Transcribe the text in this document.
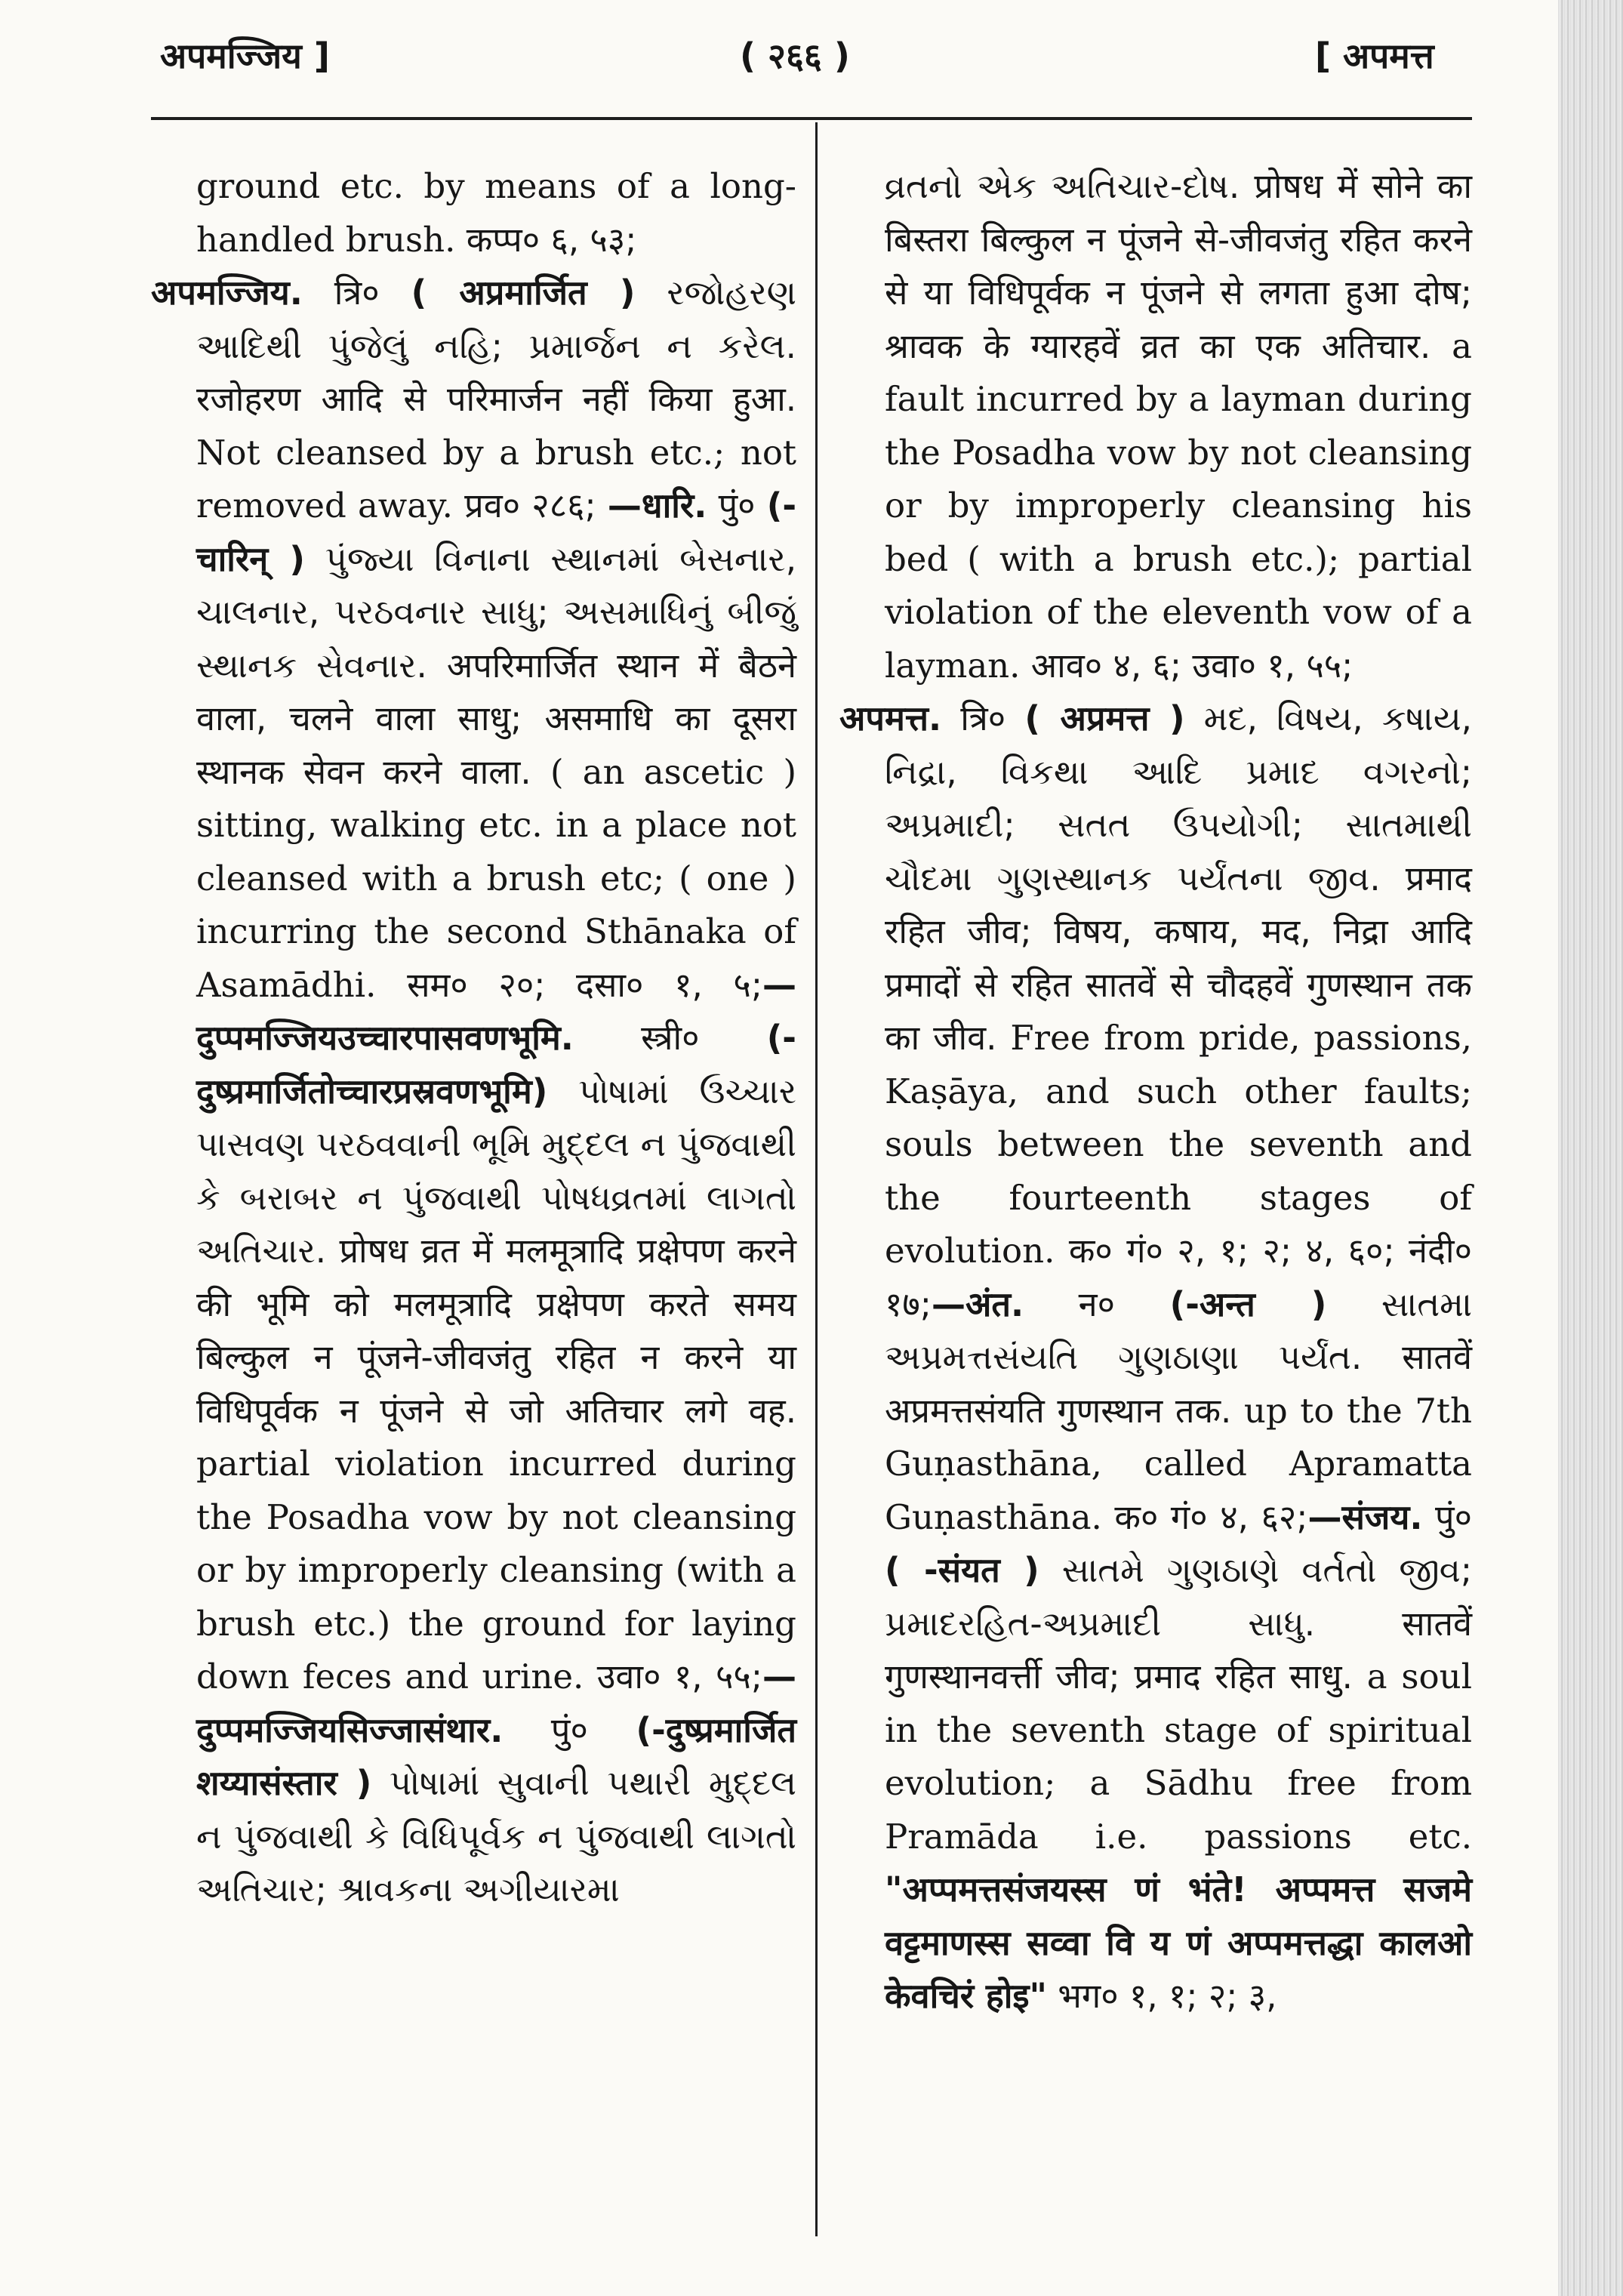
अपमज्जिय ]	( २६६ )	[ अपमत्त

ground etc. by means of a long-handled brush. कप्प० ६, ५३;

अपमज्जिय. त्रि० ( अप्रमार्जित ) રજોહરણ આદિથી પુંજેલું નહિ; પ્રમાર્જન ન કરેલ. रजोहरण आदि से परिमार्जन नहीं किया हुआ. Not cleansed by a brush etc.; not removed away. प्रव० २८६; —धारि. पुं० (-चारिन् ) પુંજ્યા વિનાના સ્થાનમાં બેસનાર, ચાલનાર, પરઠવનાર સાધુ; અસમાધિનું બીજું સ્થાનક સેવનાર. अपरिमार्जित स्थान में बैठने वाला, चलने वाला साधु; असमाधि का दूसरा स्थानक सेवन करने वाला. ( an ascetic ) sitting, walking etc. in a place not cleansed with a brush etc; ( one ) incurring the second Sthānaka of Asamādhi. सम० २०; दसा० १, ५;—दुप्पमज्जियउच्चारपासवणभूमि. स्त्री० (-दुष्प्रमार्जितोच्चारप्रस्रवणभूमि) પોષામાં ઉચ્ચાર પાસવણ પરઠવવાની ભૂમિ મુદ્દલ ન પુંજવાથી કે બરાબર ન પુંજવાથી પોષધવ્રતમાં લાગતો અતિચાર. प्रोषध व्रत में मलमूत्रादि प्रक्षेपण करने की भूमि को मलमूत्रादि प्रक्षेपण करते समय बिल्कुल न पूंजने-जीवजंतु रहित न करने या विधिपूर्वक न पूंजने से जो अतिचार लगे वह. partial violation incurred during the Posadha vow by not cleansing or by improperly cleansing (with a brush etc.) the ground for laying down feces and urine. उवा० १, ५५;—दुप्पमज्जियसिज्जासंथार. पुं० (-दुष्प्रमार्जित शय्यासंस्तार ) પોષામાં સુવાની પથારી મુદ્દલ ન પુંજવાથી કે વિધિપૂર્વક ન પુંજવાથી લાગતો અતિચાર; શ્રાવકના અગીયારમા

વ્રતનો એક અતિચાર-દોષ. प्रोषध में सोने का बिस्तरा बिल्कुल न पूंजने से-जीवजंतु रहित करने से या विधिपूर्वक न पूंजने से लगता हुआ दोष; श्रावक के ग्यारहवें व्रत का एक अतिचार. a fault incurred by a layman during the Posadha vow by not cleansing or by improperly cleansing his bed ( with a brush etc.); partial violation of the eleventh vow of a layman. आव० ४, ६; उवा० १, ५५;

अपमत्त. त्रि० ( अप्रमत्त ) મદ, વિષય, કષાય, નિદ્રા, વિકથા આદિ પ્રમાદ વગરનો; અપ્રમાદી; સતત ઉપયોગી; સાતમાથી ચૌદમા ગુણસ્થાનક પર્યંતના જીવ. प्रमाद रहित जीव; विषय, कषाय, मद, निद्रा आदि प्रमादों से रहित सातवें से चौदहवें गुणस्थान तक का जीव. Free from pride, passions, Kaṣāya, and such other faults; souls between the seventh and the fourteenth stages of evolution. क० गं० २, १; २; ४, ६०; नंदी० १७;—अंत. न० (-अन्त ) સાતમા અપ્રમત્તસંયતિ ગુણઠાણા પર્યંત. सातवें अप्रमत्तसंयति गुणस्थान तक. up to the 7th Guṇasthāna, called Apramatta Guṇasthāna. क० गं० ४, ६२;—संजय. पुं० ( -संयत ) સાતમે ગુણઠાણે વર્તતો જીવ; પ્રમાદરહિત-અપ્રમાદી સાધુ.	सातवें गुणस्थानवर्त्ती जीव; प्रमाद रहित साधु. a soul in the seventh stage of spiritual evolution; a Sādhu free from Pramāda i.e. passions etc. "अप्पमत्तसंजयस्स णं भंते! अप्पमत्त सजमे वट्टमाणस्स सव्वा वि य णं अप्पमत्तद्धा कालओ केवचिरं होइ" भग० १, १; २; ३,
